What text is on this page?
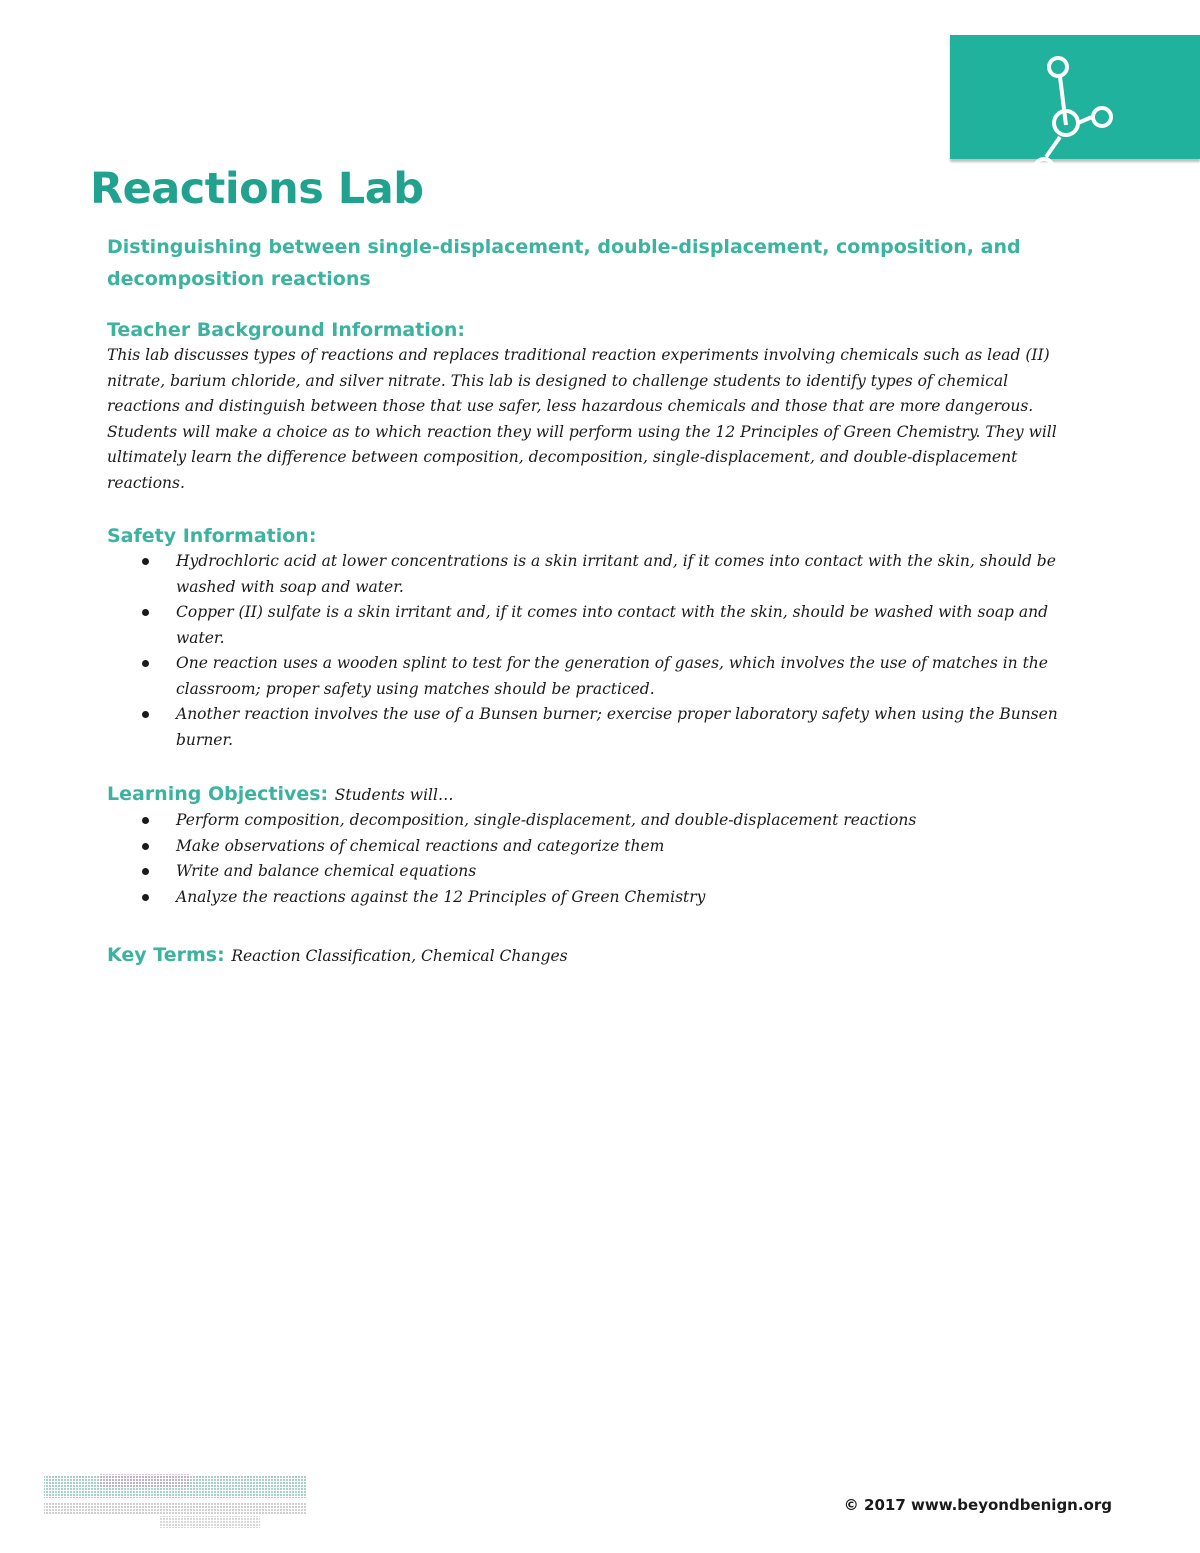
Reactions Lab

Distinguishing between single-displacement, double-displacement, composition, and decomposition reactions

Teacher Background Information:

This lab discusses types of reactions and replaces traditional reaction experiments involving chemicals such as lead (II) nitrate, barium chloride, and silver nitrate. This lab is designed to challenge students to identify types of chemical reactions and distinguish between those that use safer, less hazardous chemicals and those that are more dangerous. Students will make a choice as to which reaction they will perform using the 12 Principles of Green Chemistry. They will ultimately learn the difference between composition, decomposition, single-displacement, and double-displacement reactions.

Safety Information:

Hydrochloric acid at lower concentrations is a skin irritant and, if it comes into contact with the skin, should be washed with soap and water.
Copper (II) sulfate is a skin irritant and, if it comes into contact with the skin, should be washed with soap and water.
One reaction uses a wooden splint to test for the generation of gases, which involves the use of matches in the classroom; proper safety using matches should be practiced.
Another reaction involves the use of a Bunsen burner; exercise proper laboratory safety when using the Bunsen burner.

Learning Objectives: Students will…

Perform composition, decomposition, single-displacement, and double-displacement reactions
Make observations of chemical reactions and categorize them
Write and balance chemical equations
Analyze the reactions against the 12 Principles of Green Chemistry

Key Terms: Reaction Classification, Chemical Changes

© 2017 www.beyondbenign.org
